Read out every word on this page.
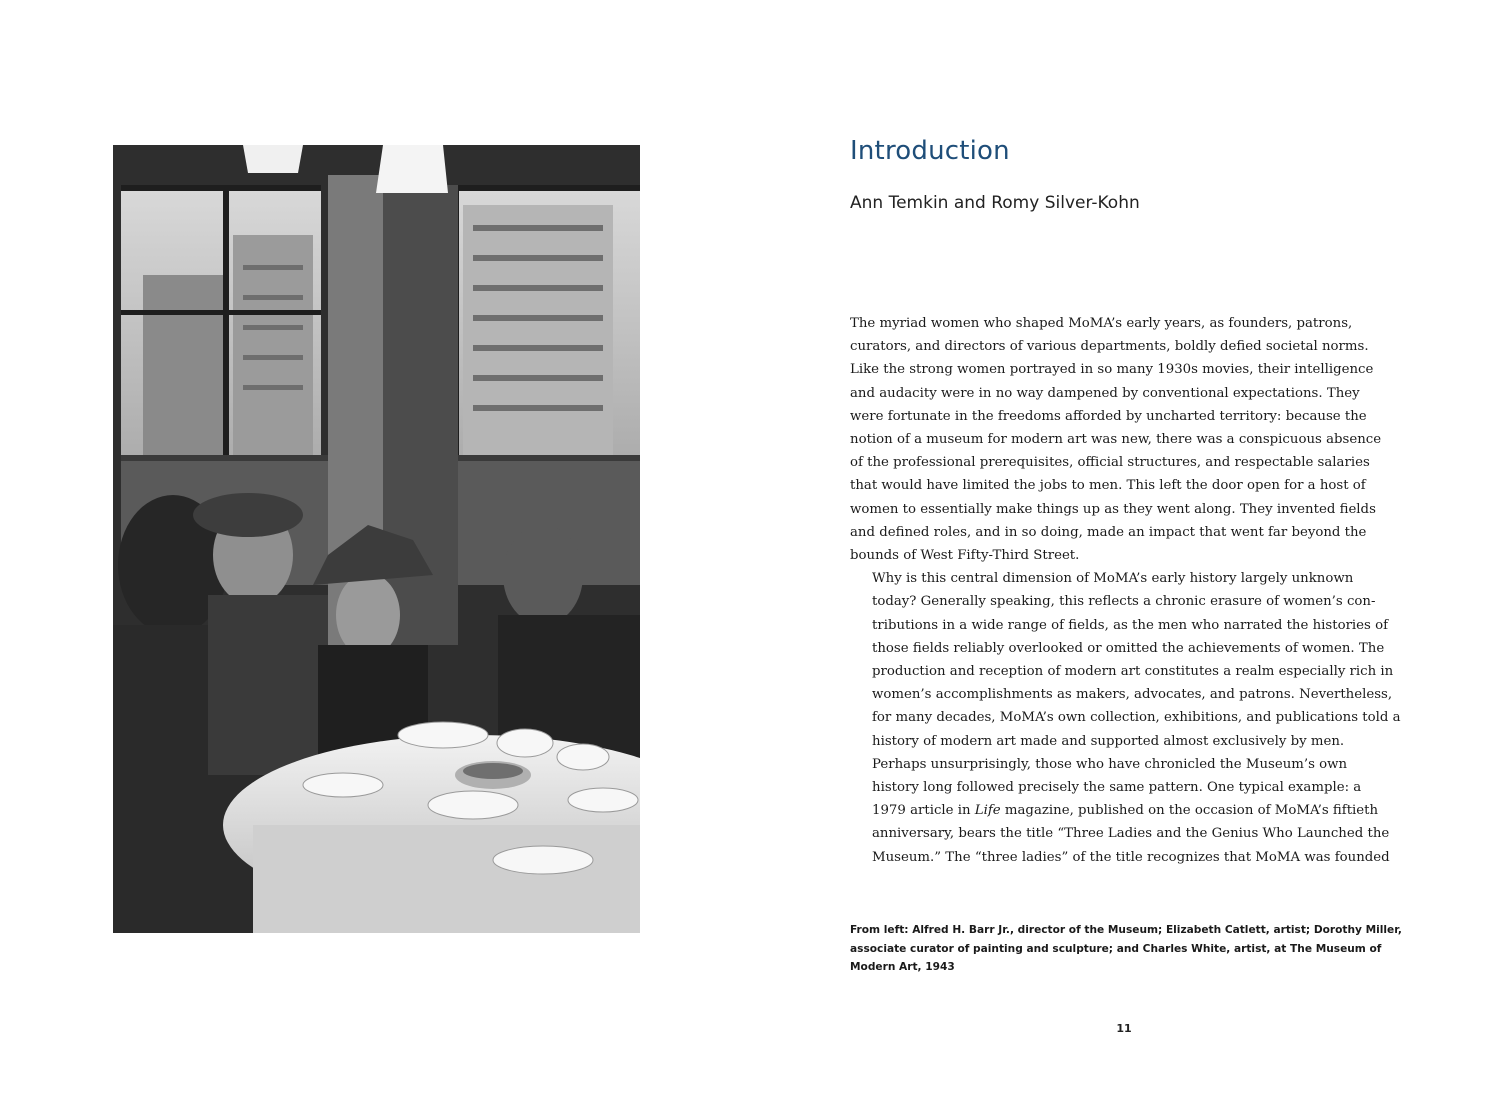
Introduction
Ann Temkin and Romy Silver-Kohn

The myriad women who shaped MoMA’s early years, as founders, patrons,
curators, and directors of various departments, boldly defied societal norms.
Like the strong women portrayed in so many 1930s movies, their intelligence
and audacity were in no way dampened by conventional expectations. They
were fortunate in the freedoms afforded by uncharted territory: because the
notion of a museum for modern art was new, there was a conspicuous absence
of the professional prerequisites, official structures, and respectable salaries
that would have limited the jobs to men. This left the door open for a host of
women to essentially make things up as they went along. They invented fields
and defined roles, and in so doing, made an impact that went far beyond the
bounds of West Fifty-Third Street.

Why is this central dimension of MoMA’s early history largely unknown
today? Generally speaking, this reflects a chronic erasure of women’s con-
tributions in a wide range of fields, as the men who narrated the histories of
those fields reliably overlooked or omitted the achievements of women. The
production and reception of modern art constitutes a realm especially rich in
women’s accomplishments as makers, advocates, and patrons. Nevertheless,
for many decades, MoMA’s own collection, exhibitions, and publications told a
history of modern art made and supported almost exclusively by men.

Perhaps unsurprisingly, those who have chronicled the Museum’s own
history long followed precisely the same pattern. One typical example: a
1979 article in Life magazine, published on the occasion of MoMA’s fiftieth
anniversary, bears the title “Three Ladies and the Genius Who Launched the
Museum.” The “three ladies” of the title recognizes that MoMA was founded

From left: Alfred H. Barr Jr., director of the Museum; Elizabeth Catlett, artist; Dorothy Miller,
associate curator of painting and sculpture; and Charles White, artist, at The Museum of
Modern Art, 1943
11
